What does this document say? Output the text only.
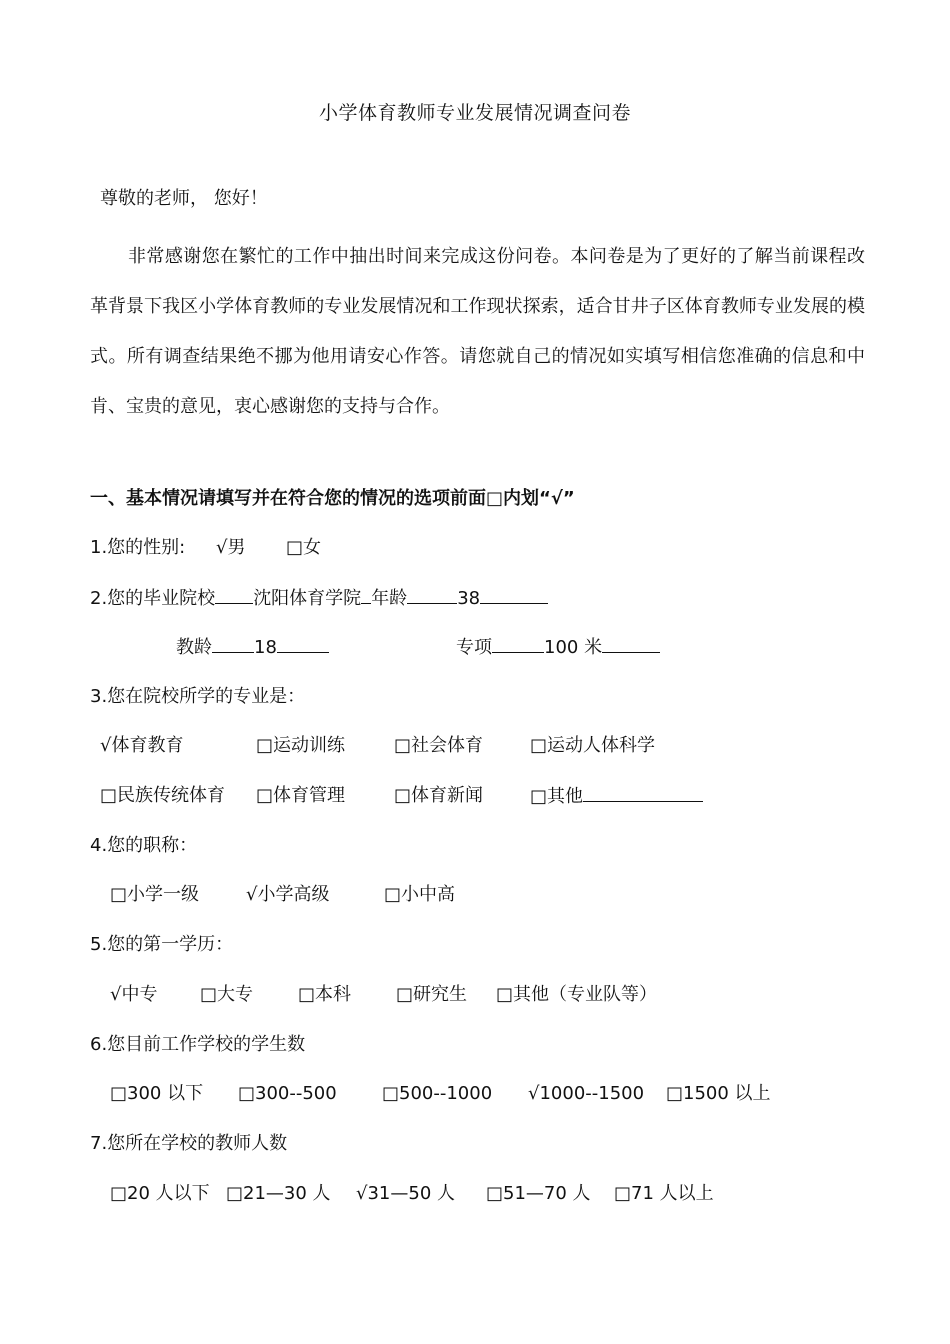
小学体育教师专业发展情况调查问卷
尊敬的老师， 您好！
非常感谢您在繁忙的工作中抽出时间来完成这份问卷。本问卷是为了更好的了解当前课程改革背景下我区小学体育教师的专业发展情况和工作现状探索，适合甘井子区体育教师专业发展的模式。所有调查结果绝不挪为他用请安心作答。请您就自己的情况如实填写相信您准确的信息和中肯、宝贵的意见，衷心感谢您的支持与合作。
一、基本情况请填写并在符合您的情况的选项前面□内划“√”
1.您的性别: √男 □女
2.您的毕业院校 沈阳体育学院 年龄	38
教龄 18	专项	100 米
3.您在院校所学的专业是：
√体育教育	□运动训练	□社会体育	□运动人体科学
□民族传统体育 □体育管理	□体育新闻	□其他
4.您的职称：
□小学一级	√小学高级	□小中高
5.您的第一学历：
√中专 □大专 □本科 □研究生 □其他（专业队等）
6.您目前工作学校的学生数
□300 以下 □300--500	□500--1000 √1000--1500 □1500 以上
7.您所在学校的教师人数
□20 人以下 □21—30 人 √31—50 人 □51—70 人 □71 人以上
